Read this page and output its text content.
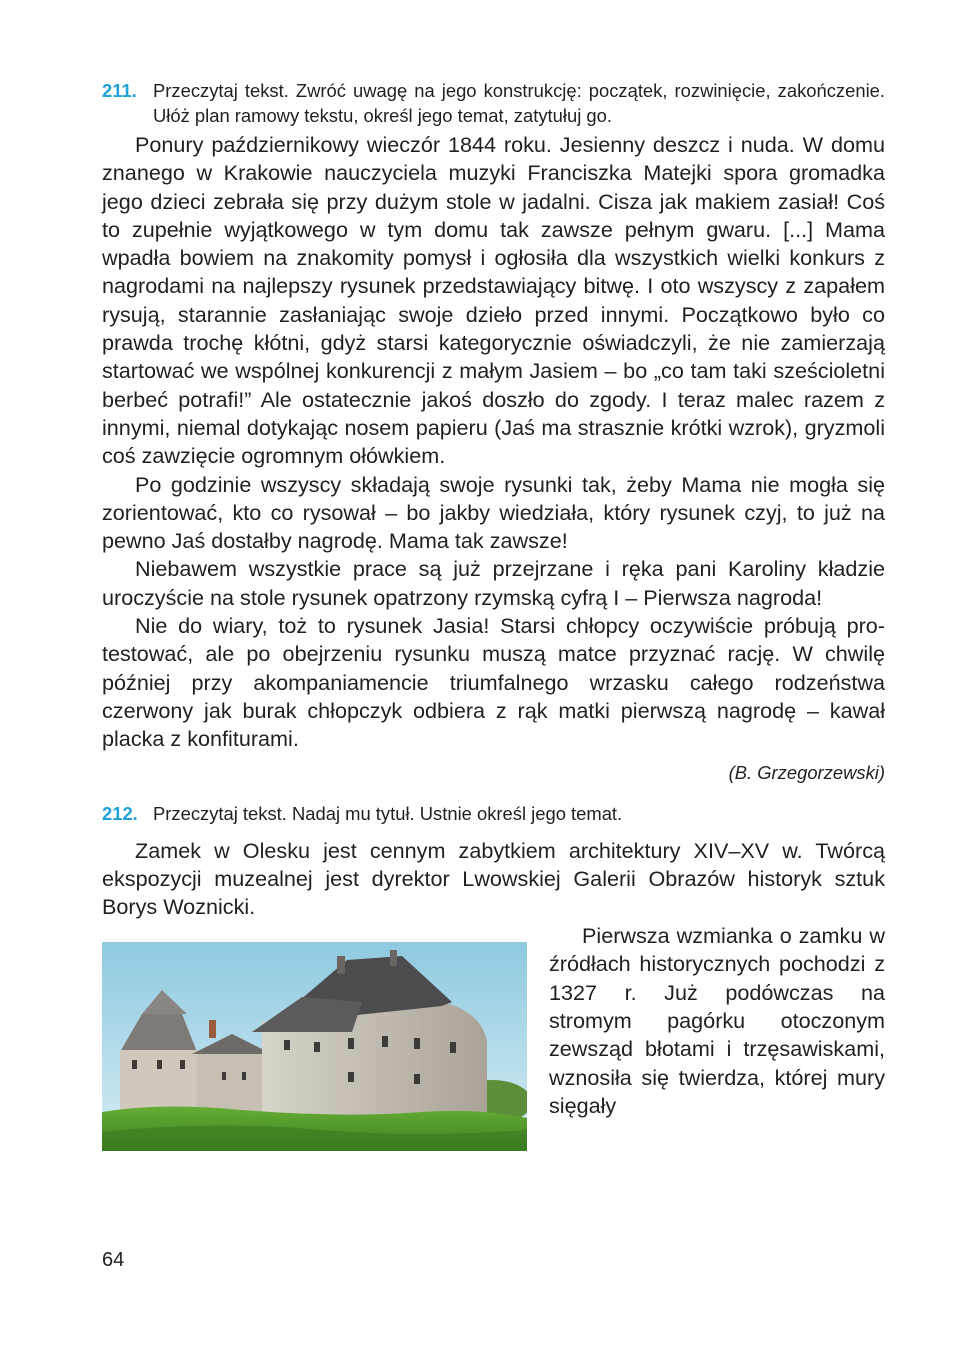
211. Przeczytaj tekst. Zwróć uwagę na jego konstrukcję: początek, rozwinięcie, zakończenie. Ułóż plan ramowy tekstu, określ jego temat, zatytułuj go.

Ponury październikowy wieczór 1844 roku. Jesienny deszcz i nuda. W domu znanego w Krakowie nauczyciela muzyki Franciszka Matejki spora gromadka jego dzieci zebrała się przy dużym stole w jadalni. Cisza jak makiem zasiał! Coś to zupełnie wyjątkowego w tym domu tak zawsze pełnym gwaru. [...] Mama wpadła bowiem na znakomity pomysł i ogłosiła dla wszystkich wielki konkurs z nagrodami na najlepszy rysunek przedstawiający bitwę. I oto wszyscy z zapałem rysują, starannie zasłaniając swoje dzieło przed innymi. Początkowo było co prawda trochę kłótni, gdyż starsi kategorycznie oświadczyli, że nie zamierzają startować we wspólnej konkurencji z małym Jasiem – bo „co tam taki sześcioletni berbeć potrafi!” Ale ostatecznie jakoś doszło do zgody. I teraz malec razem z innymi, niemal dotykając nosem papieru (Jaś ma strasznie krótki wzrok), gryzmoli coś zawzięcie ogromnym ołówkiem.

Po godzinie wszyscy składają swoje rysunki tak, żeby Mama nie mogła się zorientować, kto co rysował – bo jakby wiedziała, który rysunek czyj, to już na pewno Jaś dostałby nagrodę. Mama tak zawsze!

Niebawem wszystkie prace są już przejrzane i ręka pani Karoliny kładzie uroczyście na stole rysunek opatrzony rzymską cyfrą I – Pierwsza nagroda!

Nie do wiary, toż to rysunek Jasia! Starsi chłopcy oczywiście próbują protestować, ale po obejrzeniu rysunku muszą matce przyznać rację. W chwilę później przy akompaniamencie triumfalnego wrzasku całego rodzeństwa czerwony jak burak chłopczyk odbiera z rąk matki pierwszą nagrodę – kawał placka z konfiturami.

(B. Grzegorzewski)
212. Przeczytaj tekst. Nadaj mu tytuł. Ustnie określ jego temat.

Zamek w Olesku jest cennym zabytkiem architektury XIV–XV w. Twórcą ekspozycji muzealnej jest dyrektor Lwowskiej Galerii Obrazów historyk sztuk Borys Woznicki.

Pierwsza wzmianka o zamku w źródłach historycznych pochodzi z 1327 r. Już podówczas na stromym pagórku otoczonym zewsząd błotami i trzęsawiskami, wznosiła się twierdza, której mury sięgały

64
